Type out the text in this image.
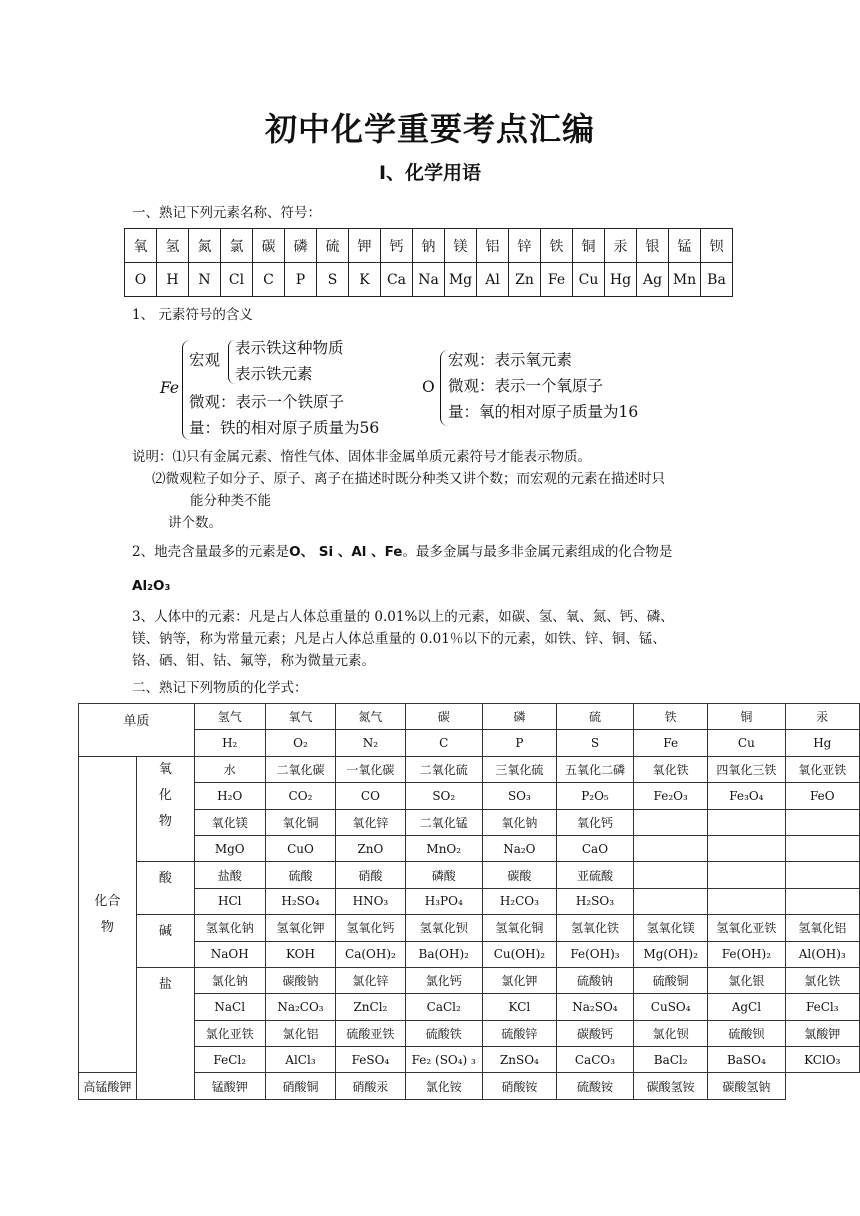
初中化学重要考点汇编
Ⅰ、化学用语
一、熟记下列元素名称、符号：
氧	氢	氮	氯	碳	磷	硫	钾	钙	钠	镁	铝	锌	铁	铜	汞	银	锰	钡
O	H	N	Cl	C	P	S	K	Ca	Na	Mg	Al	Zn	Fe	Cu	Hg	Ag	Mn	Ba
1、 元素符号的含义
Fe
宏观
表示铁这种物质
表示铁元素
微观：表示一个铁原子
量：铁的相对原子质量为56
O
宏观：表示氧元素
微观：表示一个氧原子
量：氧的相对原子质量为16
说明：⑴只有金属元素、惰性气体、固体非金属单质元素符号才能表示物质。
⑵微观粒子如分子、原子、离子在描述时既分种类又讲个数；而宏观的元素在描述时只
能分种类不能
讲个数。
2、地壳含量最多的元素是O、 Si 、Al 、Fe。最多金属与最多非金属元素组成的化合物是
Al₂O₃
3、人体中的元素：凡是占人体总重量的 0.01%以上的元素，如碳、氢、氧、氮、钙、磷、
镁、钠等，称为常量元素；凡是占人体总重量的 0.01％以下的元素，如铁、锌、铜、锰、
铬、硒、钼、钴、氟等，称为微量元素。
二、熟记下列物质的化学式：
单质		氢气	氧气	氮气	碳	磷	硫	铁	铜	汞
		H₂	O₂	N₂	C	P	S	Fe	Cu	Hg
化合物	氧化物	水	二氧化碳	一氧化碳	二氧化硫	三氧化硫	五氧化二磷	氧化铁	四氧化三铁	氧化亚铁
		H₂O	CO₂	CO	SO₂	SO₃	P₂O₅	Fe₂O₃	Fe₃O₄	FeO
		氧化镁	氧化铜	氧化锌	二氧化锰	氧化钠	氧化钙			
		MgO	CuO	ZnO	MnO₂	Na₂O	CaO			
	酸	盐酸	硫酸	硝酸	磷酸	碳酸	亚硫酸			
		HCl	H₂SO₄	HNO₃	H₃PO₄	H₂CO₃	H₂SO₃			
	碱	氢氧化钠	氢氧化钾	氢氧化钙	氢氧化钡	氢氧化铜	氢氧化铁	氢氧化镁	氢氧化亚铁	氢氧化铝
		NaOH	KOH	Ca(OH)₂	Ba(OH)₂	Cu(OH)₂	Fe(OH)₃	Mg(OH)₂	Fe(OH)₂	Al(OH)₃
	盐	氯化钠	碳酸钠	氯化锌	氯化钙	氯化钾	硫酸钠	硫酸铜	氯化银	氯化铁
		NaCl	Na₂CO₃	ZnCl₂	CaCl₂	KCl	Na₂SO₄	CuSO₄	AgCl	FeCl₃
		氯化亚铁	氯化铝	硫酸亚铁	硫酸铁	硫酸锌	碳酸钙	氯化钡	硫酸钡	氯酸钾
		FeCl₂	AlCl₃	FeSO₄	Fe₂ (SO₄) ₃	ZnSO₄	CaCO₃	BaCl₂	BaSO₄	KClO₃
高锰酸钾		锰酸钾	硝酸铜	硝酸汞	氯化铵	硝酸铵	硫酸铵	碳酸氢铵	碳酸氢钠	
